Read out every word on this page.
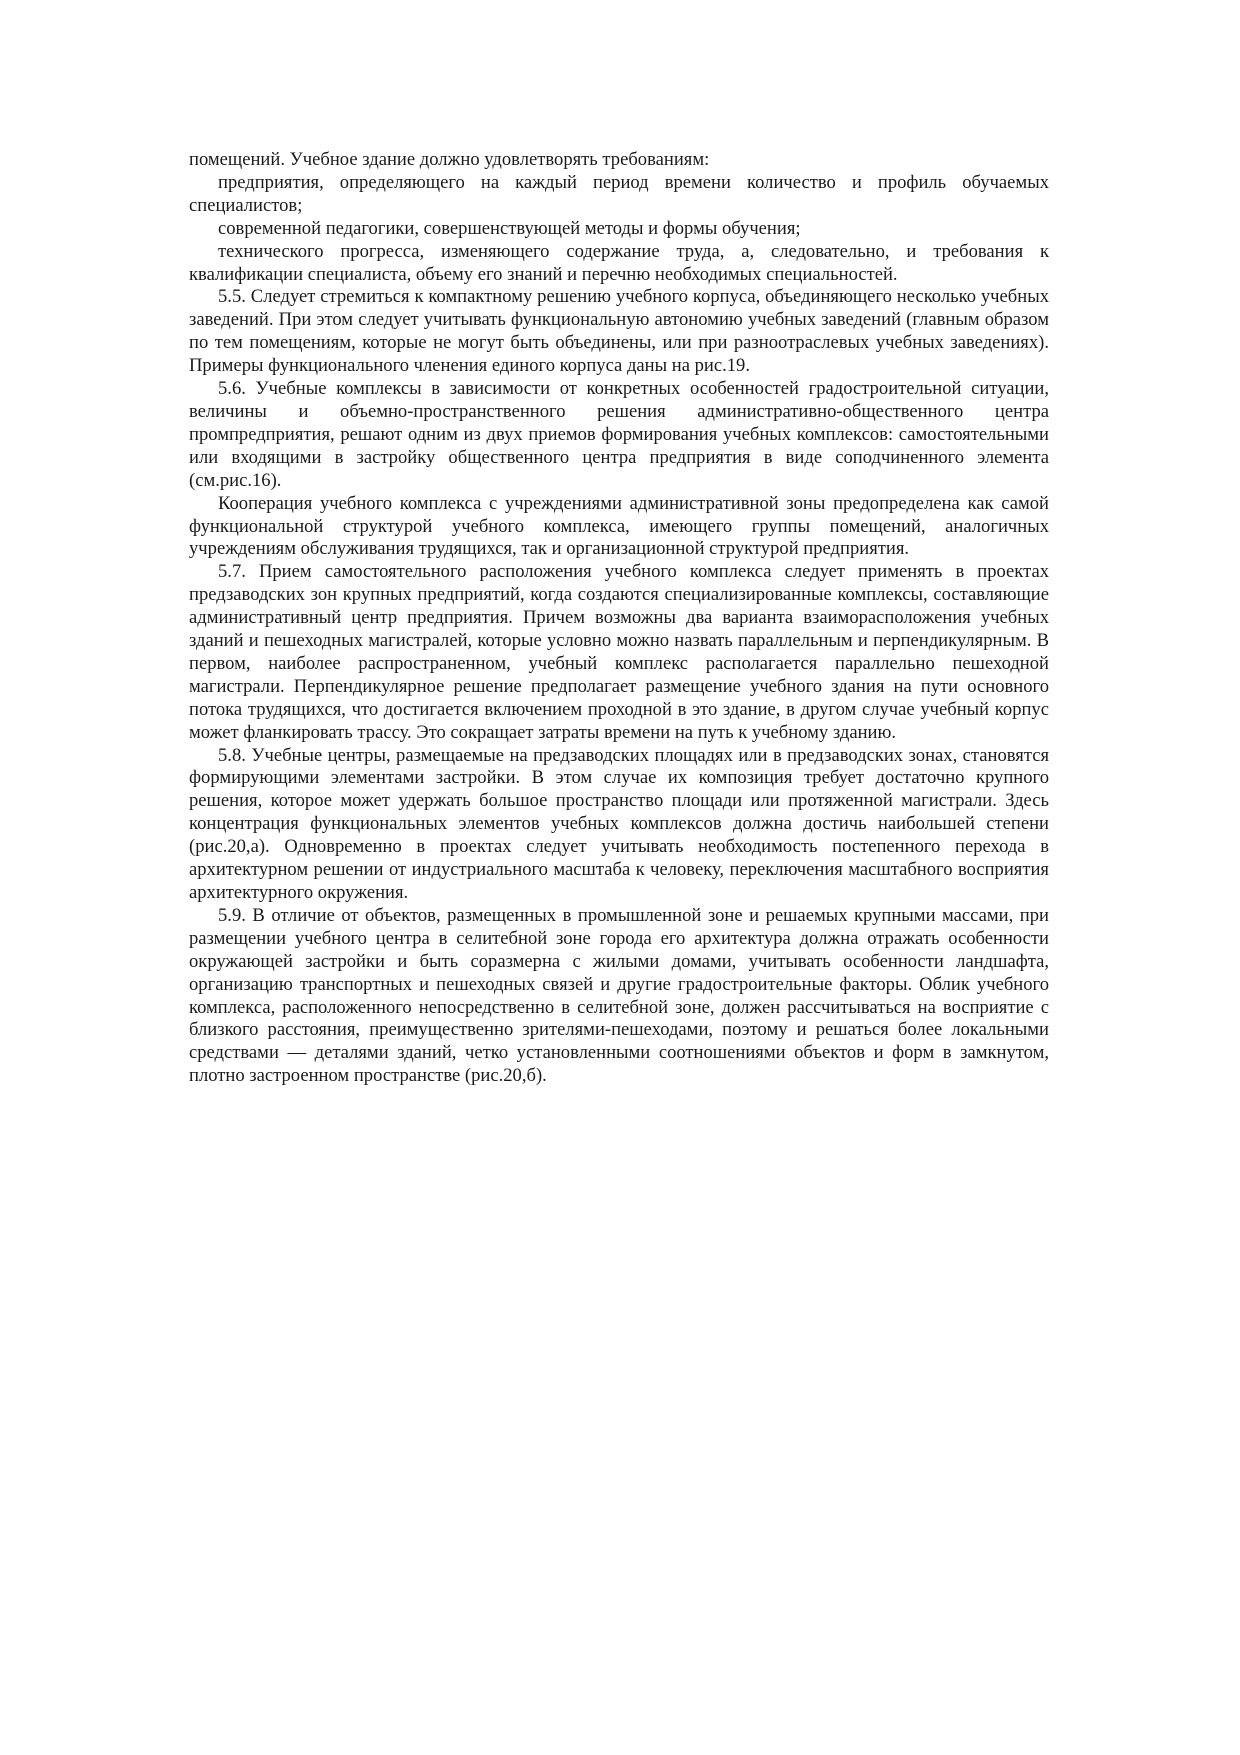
помещений. Учебное здание должно удовлетворять требованиям:

предприятия, определяющего на каждый период времени количество и профиль обучаемых специалистов;

современной педагогики, совершенствующей методы и формы обучения;

технического прогресса, изменяющего содержание труда, а, следовательно, и требования к квалификации специалиста, объему его знаний и перечню необходимых специальностей.

5.5. Следует стремиться к компактному решению учебного корпуса, объединяющего несколько учебных заведений. При этом следует учитывать функциональную автономию учебных заведений (главным образом по тем помещениям, которые не могут быть объединены, или при разноотраслевых учебных заведениях). Примеры функционального членения единого корпуса даны на рис.19.

5.6. Учебные комплексы в зависимости от конкретных особенностей градостроительной ситуации, величины и объемно-пространственного решения административно-общественного центра промпредприятия, решают одним из двух приемов формирования учебных комплексов: самостоятельными или входящими в застройку общественного центра предприятия в виде соподчиненного элемента (см.рис.16).

Кооперация учебного комплекса с учреждениями административной зоны предопределена как самой функциональной структурой учебного комплекса, имеющего группы помещений, аналогичных учреждениям обслуживания трудящихся, так и организационной структурой предприятия.

5.7. Прием самостоятельного расположения учебного комплекса следует применять в проектах предзаводских зон крупных предприятий, когда создаются специализированные комплексы, составляющие административный центр предприятия. Причем возможны два варианта взаиморасположения учебных зданий и пешеходных магистралей, которые условно можно назвать параллельным и перпендикулярным. В первом, наиболее распространенном, учебный комплекс располагается параллельно пешеходной магистрали. Перпендикулярное решение предполагает размещение учебного здания на пути основного потока трудящихся, что достигается включением проходной в это здание, в другом случае учебный корпус может фланкировать трассу. Это сокращает затраты времени на путь к учебному зданию.

5.8. Учебные центры, размещаемые на предзаводских площадях или в предзаводских зонах, становятся формирующими элементами застройки. В этом случае их композиция требует достаточно крупного решения, которое может удержать большое пространство площади или протяженной магистрали. Здесь концентрация функциональных элементов учебных комплексов должна достичь наибольшей степени (рис.20,а). Одновременно в проектах следует учитывать необходимость постепенного перехода в архитектурном решении от индустриального масштаба к человеку, переключения масштабного восприятия архитектурного окружения.

5.9. В отличие от объектов, размещенных в промышленной зоне и решаемых крупными массами, при размещении учебного центра в селитебной зоне города его архитектура должна отражать особенности окружающей застройки и быть соразмерна с жилыми домами, учитывать особенности ландшафта, организацию транспортных и пешеходных связей и другие градостроительные факторы. Облик учебного комплекса, расположенного непосредственно в селитебной зоне, должен рассчитываться на восприятие с близкого расстояния, преимущественно зрителями-пешеходами, поэтому и решаться более локальными средствами — деталями зданий, четко установленными соотношениями объектов и форм в замкнутом, плотно застроенном пространстве (рис.20,б).
